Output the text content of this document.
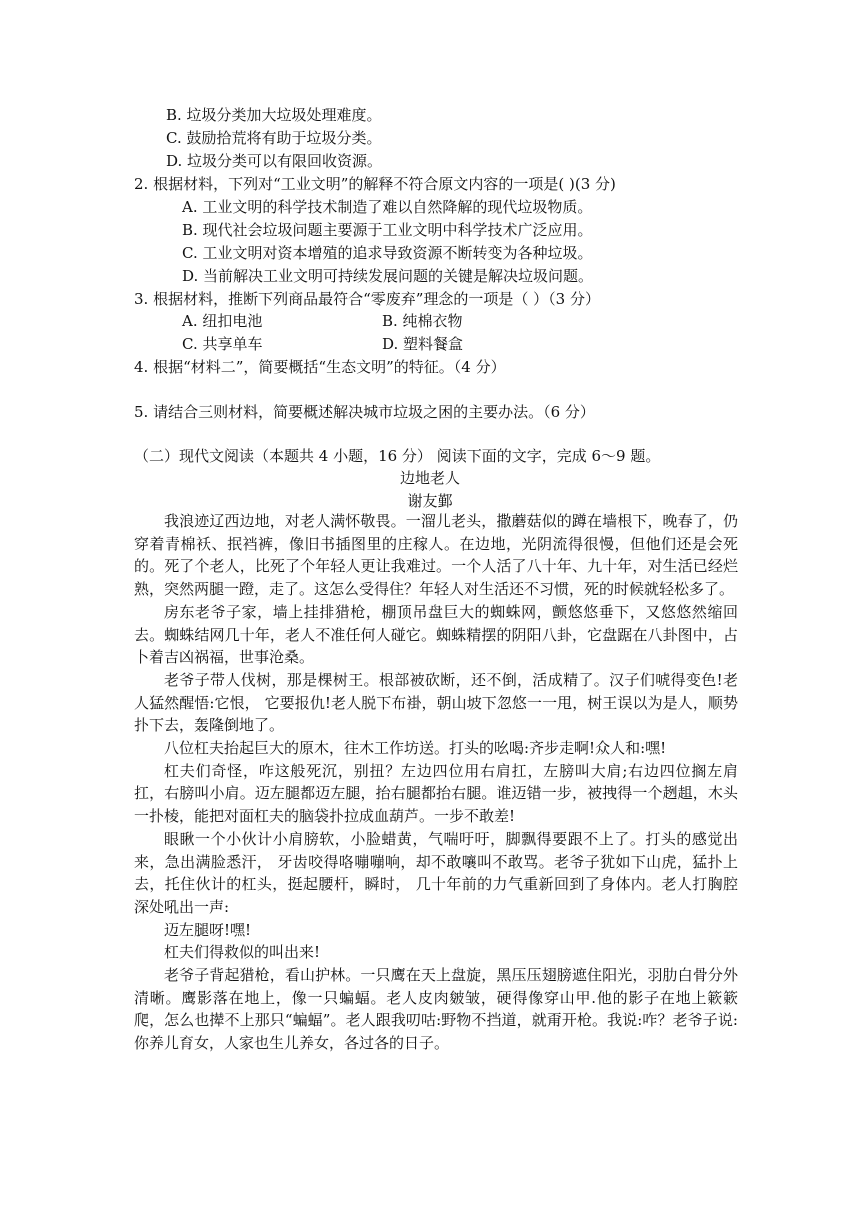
B. 垃圾分类加大垃圾处理难度。

C. 鼓励拾荒将有助于垃圾分类。

D. 垃圾分类可以有限回收资源。

2. 根据材料，下列对“工业文明”的解释不符合原文内容的一项是( )(3 分)

A. 工业文明的科学技术制造了难以自然降解的现代垃圾物质。

B. 现代社会垃圾问题主要源于工业文明中科学技术广泛应用。

C. 工业文明对资本增殖的追求导致资源不断转变为各种垃圾。

D. 当前解决工业文明可持续发展问题的关键是解决垃圾问题。

3. 根据材料，推断下列商品最符合“零废弃”理念的一项是（ ）（3 分）

A. 纽扣电池	B. 纯棉衣物

C. 共享单车	D. 塑料餐盒

4. 根据“材料二”，简要概括“生态文明”的特征。（4 分）

5. 请结合三则材料，简要概述解决城市垃圾之困的主要办法。（6 分）

（二）现代文阅读（本题共 4 小题，16 分） 阅读下面的文字，完成 6～9 题。

边地老人

谢友鄞

我浪迹辽西边地，对老人满怀敬畏。一溜儿老头，撒蘑菇似的蹲在墙根下，晚春了，仍穿着青棉袄、抿裆裤，像旧书插图里的庄稼人。在边地，光阴流得很慢，但他们还是会死的。死了个老人，比死了个年轻人更让我难过。一个人活了八十年、九十年，对生活已经烂熟，突然两腿一蹬，走了。这怎么受得住？年轻人对生活还不习惯，死的时候就轻松多了。

房东老爷子家，墙上挂排猎枪，棚顶吊盘巨大的蜘蛛网，颤悠悠垂下，又悠悠然缩回去。蜘蛛结网几十年，老人不准任何人碰它。蜘蛛精摆的阴阳八卦，它盘踞在八卦图中，占卜着吉凶祸福，世事沧桑。

老爷子带人伐树，那是棵树王。根部被砍断，还不倒，活成精了。汉子们唬得变色!老人猛然醒悟:它恨， 它要报仇!老人脱下布褂，朝山坡下忽悠一一甩，树王误以为是人，顺势扑下去，轰隆倒地了。

八位杠夫抬起巨大的原木，往木工作坊送。打头的吆喝:齐步走啊!众人和:嘿!

杠夫们奇怪，咋这般死沉，别扭？左边四位用右肩扛，左膀叫大肩;右边四位搁左肩扛，右膀叫小肩。迈左腿都迈左腿，抬右腿都抬右腿。谁迈错一步，被拽得一个趔趄，木头一扑棱，能把对面杠夫的脑袋扑拉成血葫芦。一步不敢差!

眼瞅一个小伙计小肩膀软，小脸蜡黄，气喘吁吁，脚飘得要跟不上了。打头的感觉出来，急出满脸悉汗， 牙齿咬得咯嘣嘣响，却不敢嚷叫不敢骂。老爷子犹如下山虎，猛扑上去，托住伙计的杠头，挺起腰杆，瞬时， 几十年前的力气重新回到了身体内。老人打胸腔深处吼出一声:

迈左腿呀!嘿!

杠夫们得救似的叫出来!

老爷子背起猎枪，看山护林。一只鹰在天上盘旋，黑压压翅膀遮住阳光，羽肋白骨分外清晰。鹰影落在地上，像一只蝙蝠。老人皮肉皴皱，硬得像穿山甲.他的影子在地上簌簌爬，怎么也撵不上那只“蝙蝠”。老人跟我叨咕:野物不挡道，就甭开枪。我说:咋？老爷子说:你养儿育女，人家也生儿养女，各过各的日子。
